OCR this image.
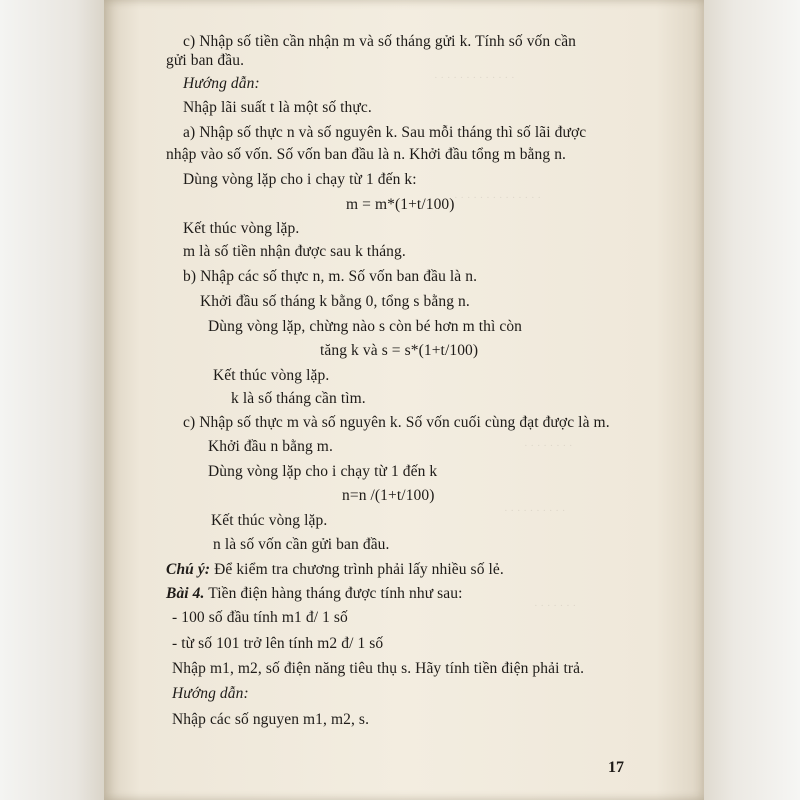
· · · · · · · · · · · · ·
· · · · · · · · · · · · · ·
· · · · · · · ·
· · · · · · · · · ·
· · · · · · ·
c) Nhập số tiền cần nhận m và số tháng gửi k. Tính số vốn cần
gửi ban đầu.
Hướng dẫn:
Nhập lãi suất t là một số thực.
a) Nhập số thực n và số nguyên k. Sau mỗi tháng thì số lãi được
nhập vào số vốn. Số vốn ban đầu là n. Khởi đầu tổng m bằng n.
Dùng vòng lặp cho i chạy từ 1 đến k:
m = m*(1+t/100)
Kết thúc vòng lặp.
m là số tiền nhận được sau k tháng.
b) Nhập các số thực n, m. Số vốn ban đầu là n.
Khởi đầu số tháng k bằng 0, tổng s bằng n.
Dùng vòng lặp, chừng nào s còn bé hơn m thì còn
tăng k và s = s*(1+t/100)
Kết thúc vòng lặp.
k là số tháng cần tìm.
c) Nhập số thực m và số nguyên k. Số vốn cuối cùng đạt được là m.
Khởi đầu n bằng m.
Dùng vòng lặp cho i chạy từ 1 đến k
n=n /(1+t/100)
Kết thúc vòng lặp.
n là số vốn cần gửi ban đầu.
Chú ý: Để kiểm tra chương trình phải lấy nhiều số lẻ.
Bài 4. Tiền điện hàng tháng được tính như sau:
- 100 số đầu tính m1 đ/ 1 số
- từ số 101 trở lên tính m2 đ/ 1 số
Nhập m1, m2, số điện năng tiêu thụ s. Hãy tính tiền điện phải trả.
Hướng dẫn:
Nhập các số nguyen m1, m2, s.
17
